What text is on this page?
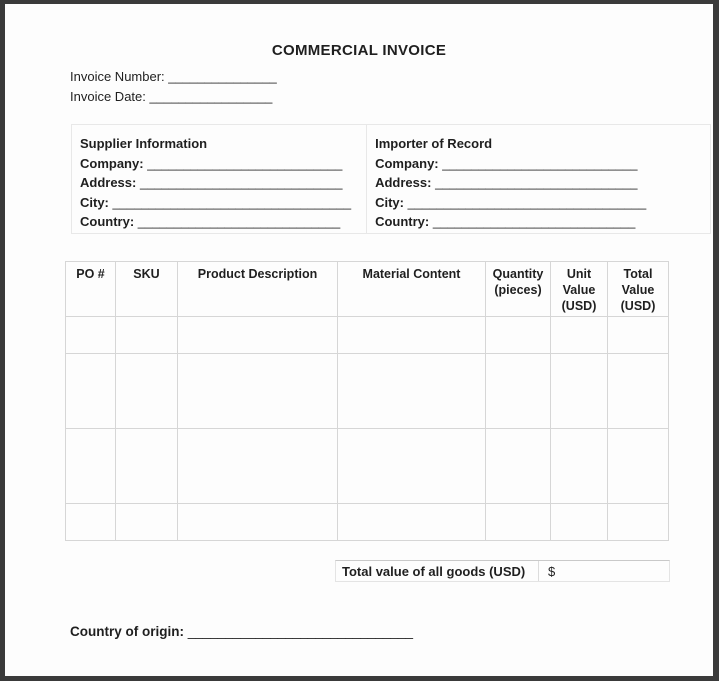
COMMERCIAL INVOICE
Invoice Number: _______________
Invoice Date: _________________
Supplier Information
Company: ___________________________
Address: ____________________________
City: _________________________________
Country: ____________________________
Importer of Record
Company: ___________________________
Address: ____________________________
City: _________________________________
Country: ____________________________
PO #	SKU	Product Description	Material Content	Quantity (pieces)	Unit Value (USD)	Total Value (USD)

Total value of all goods (USD)	$
Country of origin: ______________________________
